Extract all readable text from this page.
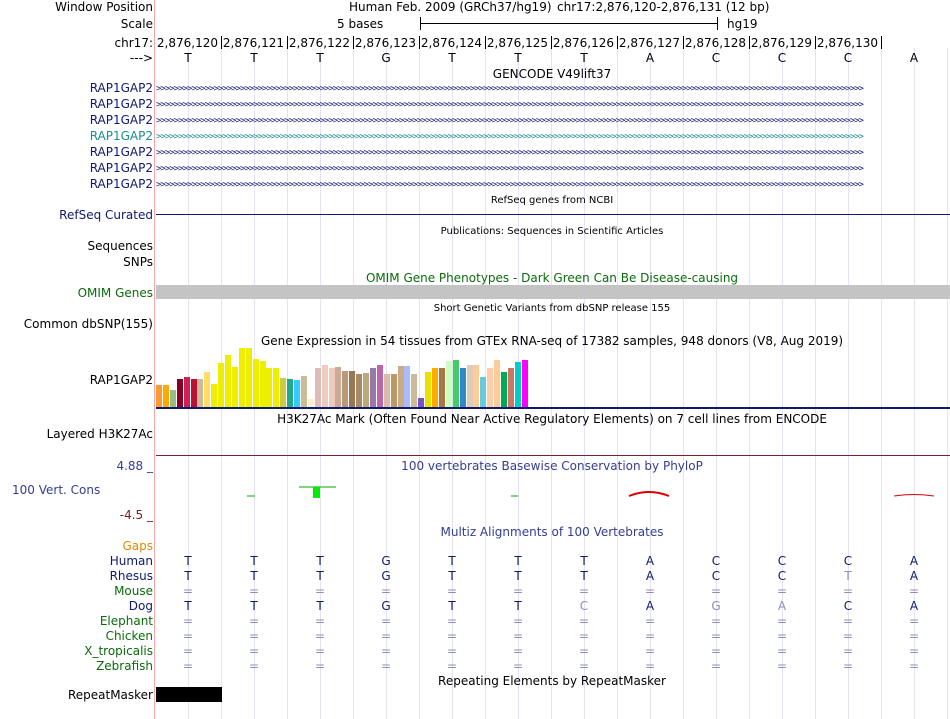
Window Position
Scale
chr17:
--->
Human Feb. 2009 (GRCh37/hg19) chr17:2,876,120-2,876,131 (12 bp)
5 bases	hg19
2,876,120 2,876,121 2,876,122 2,876,123 2,876,124 2,876,125 2,876,126 2,876,127 2,876,128 2,876,129 2,876,130
T	T	T	G	T	T	T	A	C	C	C	A
GENCODE V49lift37
RAP1GAP2 >>>>>>>>>>>>>>>>>>>>>>>>>>>>>>>>>>>>>>>>>>>>>>>>>>>>>>>>>>>>>>>>>>>>>>>>>>>>>>>>>>>>>>>>>>>>>>>>>>>>>>>>>>>>>>>>>>>>>>>>>>>>>>>>>>>>>>>>>>>>>>>>>>>>>>>>>>>>>>>>
RAP1GAP2 >>>>>>>>>>>>>>>>>>>>>>>>>>>>>>>>>>>>>>>>>>>>>>>>>>>>>>>>>>>>>>>>>>>>>>>>>>>>>>>>>>>>>>>>>>>>>>>>>>>>>>>>>>>>>>>>>>>>>>>>>>>>>>>>>>>>>>>>>>>>>>>>>>>>>>>>>>>>>>>>
RAP1GAP2 >>>>>>>>>>>>>>>>>>>>>>>>>>>>>>>>>>>>>>>>>>>>>>>>>>>>>>>>>>>>>>>>>>>>>>>>>>>>>>>>>>>>>>>>>>>>>>>>>>>>>>>>>>>>>>>>>>>>>>>>>>>>>>>>>>>>>>>>>>>>>>>>>>>>>>>>>>>>>>>>
RAP1GAP2 >>>>>>>>>>>>>>>>>>>>>>>>>>>>>>>>>>>>>>>>>>>>>>>>>>>>>>>>>>>>>>>>>>>>>>>>>>>>>>>>>>>>>>>>>>>>>>>>>>>>>>>>>>>>>>>>>>>>>>>>>>>>>>>>>>>>>>>>>>>>>>>>>>>>>>>>>>>>>>>>
RAP1GAP2 >>>>>>>>>>>>>>>>>>>>>>>>>>>>>>>>>>>>>>>>>>>>>>>>>>>>>>>>>>>>>>>>>>>>>>>>>>>>>>>>>>>>>>>>>>>>>>>>>>>>>>>>>>>>>>>>>>>>>>>>>>>>>>>>>>>>>>>>>>>>>>>>>>>>>>>>>>>>>>>>
RAP1GAP2 >>>>>>>>>>>>>>>>>>>>>>>>>>>>>>>>>>>>>>>>>>>>>>>>>>>>>>>>>>>>>>>>>>>>>>>>>>>>>>>>>>>>>>>>>>>>>>>>>>>>>>>>>>>>>>>>>>>>>>>>>>>>>>>>>>>>>>>>>>>>>>>>>>>>>>>>>>>>>>>>
RAP1GAP2 >>>>>>>>>>>>>>>>>>>>>>>>>>>>>>>>>>>>>>>>>>>>>>>>>>>>>>>>>>>>>>>>>>>>>>>>>>>>>>>>>>>>>>>>>>>>>>>>>>>>>>>>>>>>>>>>>>>>>>>>>>>>>>>>>>>>>>>>>>>>>>>>>>>>>>>>>>>>>>>>
RefSeq genes from NCBI
RefSeq Curated
Publications: Sequences in Scientific Articles
Sequences
SNPs
OMIM Gene Phenotypes - Dark Green Can Be Disease-causing
OMIM Genes
Short Genetic Variants from dbSNP release 155
Common dbSNP(155)
Gene Expression in 54 tissues from GTEx RNA-seq of 17382 samples, 948 donors (V8, Aug 2019)
RAP1GAP2
H3K27Ac Mark (Often Found Near Active Regulatory Elements) on 7 cell lines from ENCODE
Layered H3K27Ac
4.88 _	100 vertebrates Basewise Conservation by PhyloP
100 Vert. Cons
-4.5 _
Multiz Alignments of 100 Vertebrates
Gaps
Human	T	T	T	G	T	T	T	A	C	C	C	A
Rhesus	T	T	T	G	T	T	T	A	C	C	T	A
Mouse =	=	=	=	=	=	=	=	=	=	=	=
Dog	T	T	T	G	T	T	C	A	G	A	C	A
Elephant =	=	=	=	=	=	=	=	=	=	=	=
Chicken =	=	=	=	=	=	=	=	=	=	=	=
X_tropicalis =	=	=	=	=	=	=	=	=	=	=	=
Zebrafish =	=	=	=	=	=	=	=	=	=	=	=
Repeating Elements by RepeatMasker
RepeatMasker
